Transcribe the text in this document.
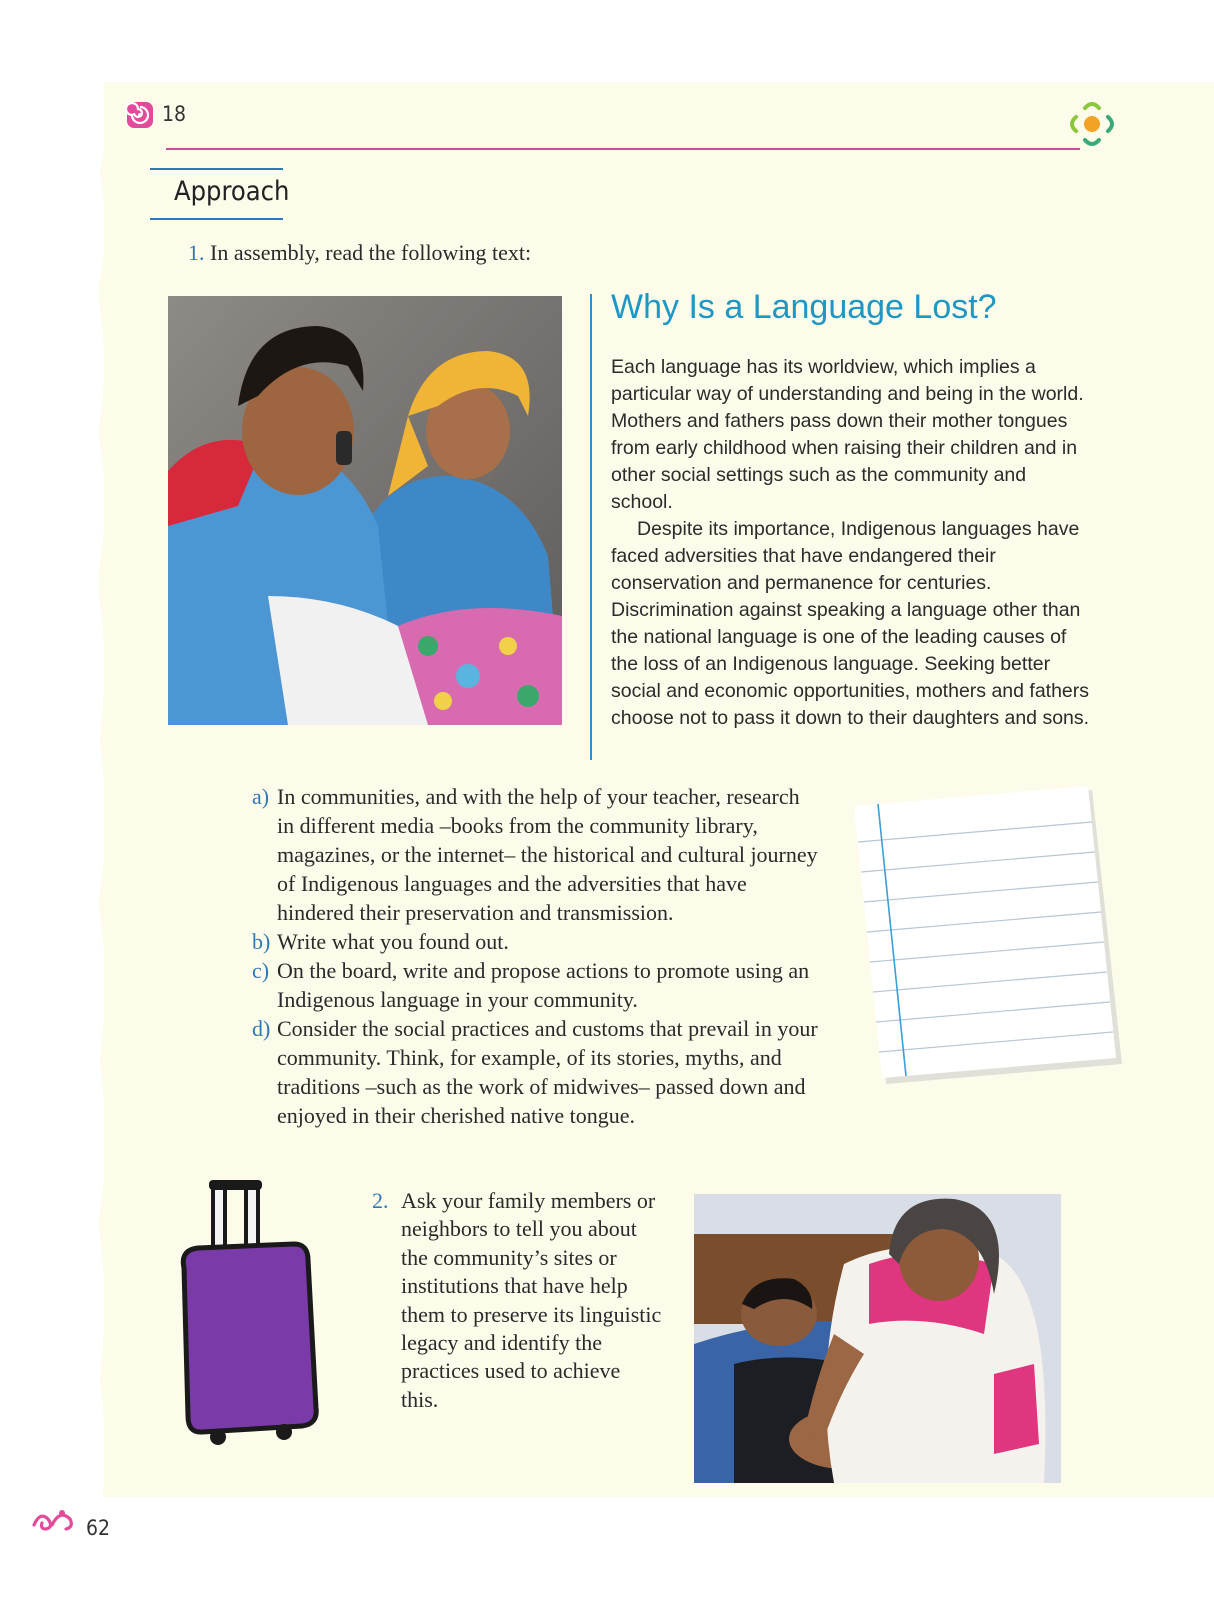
18
Approach
1. In assembly, read the following text:
Why Is a Language Lost?

Each language has its worldview, which implies a particular way of understanding and being in the world. Mothers and fathers pass down their mother tongues from early childhood when raising their children and in other social settings such as the community and school.

Despite its importance, Indigenous languages have faced adversities that have endangered their conservation and permanence for centuries. Discrimination against speaking a language other than the national language is one of the leading causes of the loss of an Indigenous language. Seeking better social and economic opportunities, mothers and fathers choose not to pass it down to their daughters and sons.

a) In communities, and with the help of your teacher, research in different media –books from the community library, magazines, or the internet– the historical and cultural journey of Indigenous languages and the adversities that have hindered their preservation and transmission.
b) Write what you found out.
c) On the board, write and propose actions to promote using an Indigenous language in your community.
d) Consider the social practices and customs that prevail in your community. Think, for example, of its stories, myths, and traditions –such as the work of midwives– passed down and enjoyed in their cherished native tongue.
2. Ask your family members or neighbors to tell you about the community’s sites or institutions that have help them to preserve its linguistic legacy and identify the practices used to achieve this.
62
